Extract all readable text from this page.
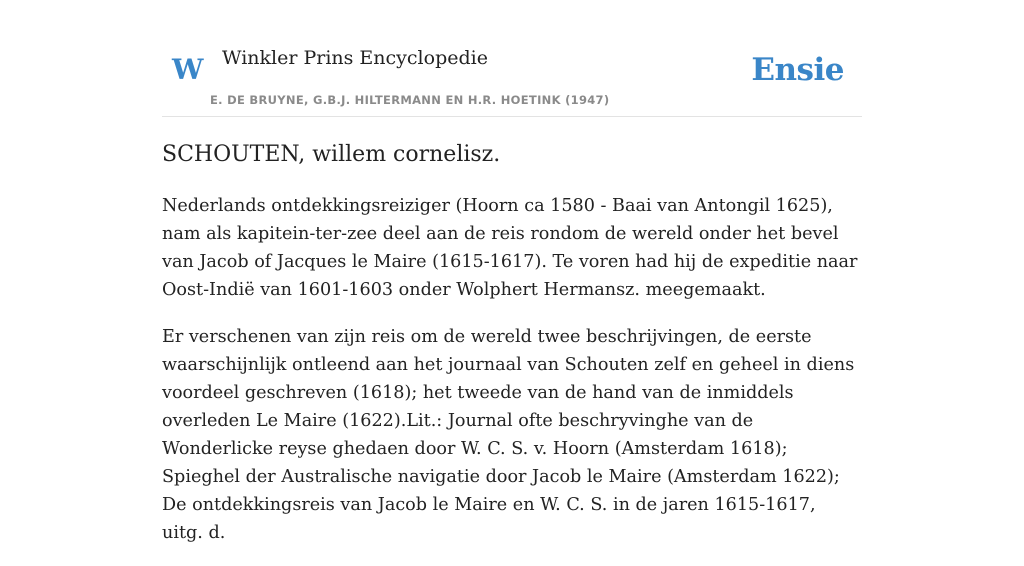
W Winkler Prins Encyclopedie
E. DE BRUYNE, G.B.J. HILTERMANN EN H.R. HOETINK (1947)
Ensie
SCHOUTEN, willem cornelisz.

Nederlands ontdekkingsreiziger (Hoorn ca 1580 - Baai van Antongil 1625), nam als kapitein-ter-zee deel aan de reis rondom de wereld onder het bevel van Jacob of Jacques le Maire (1615-1617). Te voren had hij de expeditie naar Oost-Indië van 1601-1603 onder Wolphert Hermansz. meegemaakt.

Er verschenen van zijn reis om de wereld twee beschrijvingen, de eerste waarschijnlijk ontleend aan het journaal van Schouten zelf en geheel in diens voordeel geschreven (1618); het tweede van de hand van de inmiddels overleden Le Maire (1622).Lit.: Journal ofte beschryvinghe van de Wonderlicke reyse ghedaen door W. C. S. v. Hoorn (Amsterdam 1618); Spieghel der Australische navigatie door Jacob le Maire (Amsterdam 1622); De ontdekkingsreis van Jacob le Maire en W. C. S. in de jaren 1615-1617, uitg. d.
